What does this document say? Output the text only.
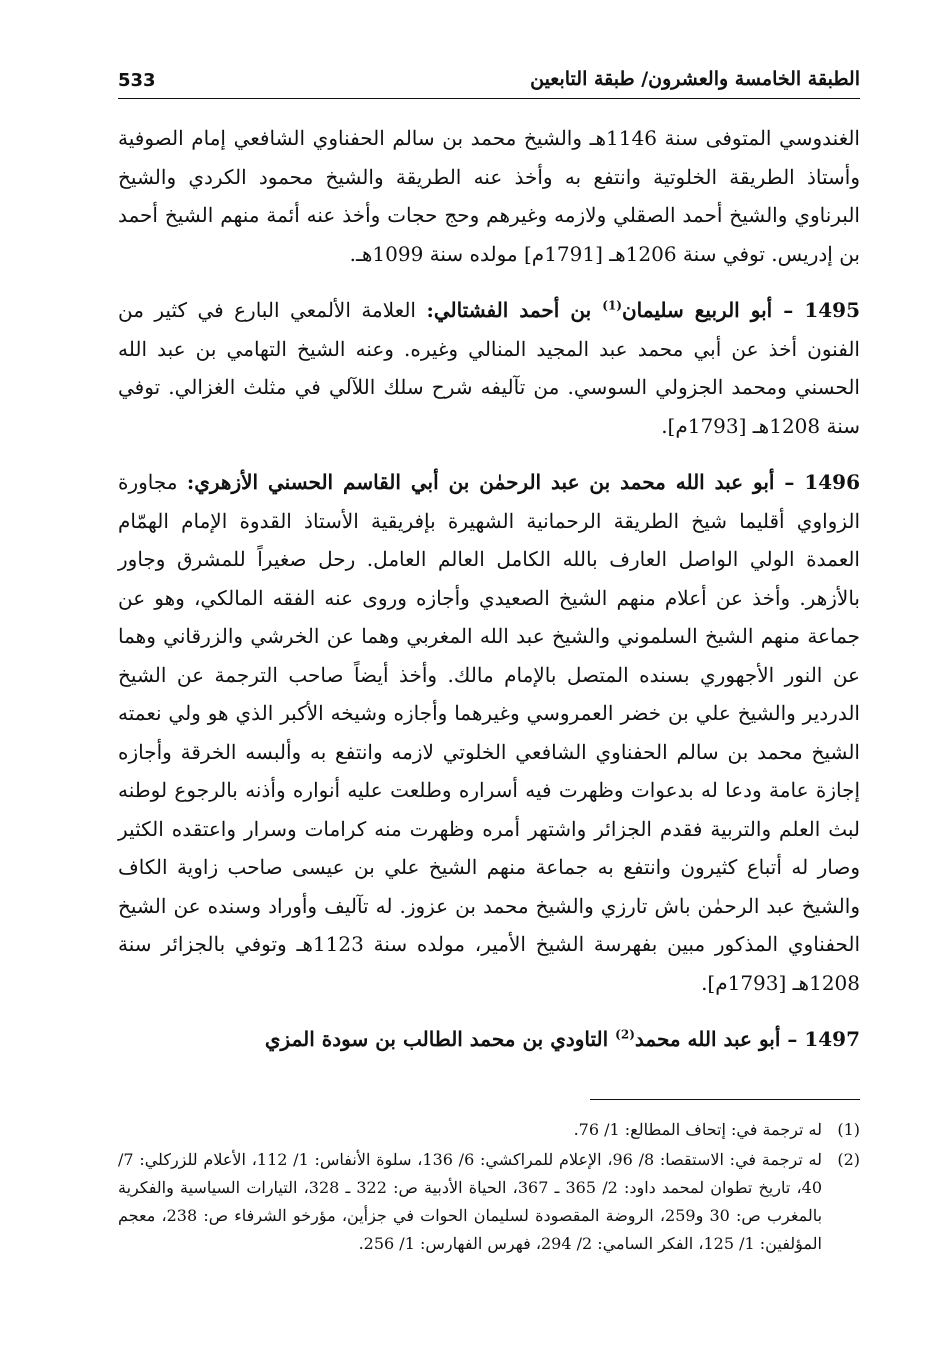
الطبقة الخامسة والعشرون/ طبقة التابعين
533

الغندوسي المتوفى سنة 1146هـ والشيخ محمد بن سالم الحفناوي الشافعي إمام الصوفية وأستاذ الطريقة الخلوتية وانتفع به وأخذ عنه الطريقة والشيخ محمود الكردي والشيخ البرناوي والشيخ أحمد الصقلي ولازمه وغيرهم وحج حجات وأخذ عنه أئمة منهم الشيخ أحمد بن إدريس. توفي سنة 1206هـ [1791م] مولده سنة 1099هـ.

1495 – أبو الربيع سليمان$^{(1)}$ بن أحمد الفشتالي: العلامة الألمعي البارع في كثير من الفنون أخذ عن أبي محمد عبد المجيد المنالي وغيره. وعنه الشيخ التهامي بن عبد الله الحسني ومحمد الجزولي السوسي. من تآليفه شرح سلك اللآلي في مثلث الغزالي. توفي سنة 1208هـ [1793م].

1496 – أبو عبد الله محمد بن عبد الرحمٰن بن أبي القاسم الحسني الأزهري: مجاورة الزواوي أقليما شيخ الطريقة الرحمانية الشهيرة بإفريقية الأستاذ القدوة الإمام الهمّام العمدة الولي الواصل العارف بالله الكامل العالم العامل. رحل صغيراً للمشرق وجاور بالأزهر. وأخذ عن أعلام منهم الشيخ الصعيدي وأجازه وروى عنه الفقه المالكي، وهو عن جماعة منهم الشيخ السلموني والشيخ عبد الله المغربي وهما عن الخرشي والزرقاني وهما عن النور الأجهوري بسنده المتصل بالإمام مالك. وأخذ أيضاً صاحب الترجمة عن الشيخ الدردير والشيخ علي بن خضر العمروسي وغيرهما وأجازه وشيخه الأكبر الذي هو ولي نعمته الشيخ محمد بن سالم الحفناوي الشافعي الخلوتي لازمه وانتفع به وألبسه الخرقة وأجازه إجازة عامة ودعا له بدعوات وظهرت فيه أسراره وطلعت عليه أنواره وأذنه بالرجوع لوطنه لبث العلم والتربية فقدم الجزائر واشتهر أمره وظهرت منه كرامات وسرار واعتقده الكثير وصار له أتباع كثيرون وانتفع به جماعة منهم الشيخ علي بن عيسى صاحب زاوية الكاف والشيخ عبد الرحمٰن باش تارزي والشيخ محمد بن عزوز. له تآليف وأوراد وسنده عن الشيخ الحفناوي المذكور مبين بفهرسة الشيخ الأمير، مولده سنة 1123هـ وتوفي بالجزائر سنة 1208هـ [1793م].

1497 – أبو عبد الله محمد$^{(2)}$ التاودي بن محمد الطالب بن سودة المزي

(1)
له ترجمة في: إتحاف المطالع: 1/ 76.
(2)
له ترجمة في: الاستقصا: 8/ 96، الإعلام للمراكشي: 6/ 136، سلوة الأنفاس: 1/ 112، الأعلام للزركلي: 7/ 40، تاريخ تطوان لمحمد داود: 2/ 365 ـ 367، الحياة الأدبية ص: 322 ـ 328، التيارات السياسية والفكرية بالمغرب ص: 30 و259، الروضة المقصودة لسليمان الحوات في جزأين، مؤرخو الشرفاء ص: 238، معجم المؤلفين: 1/ 125، الفكر السامي: 2/ 294، فهرس الفهارس: 1/ 256.
